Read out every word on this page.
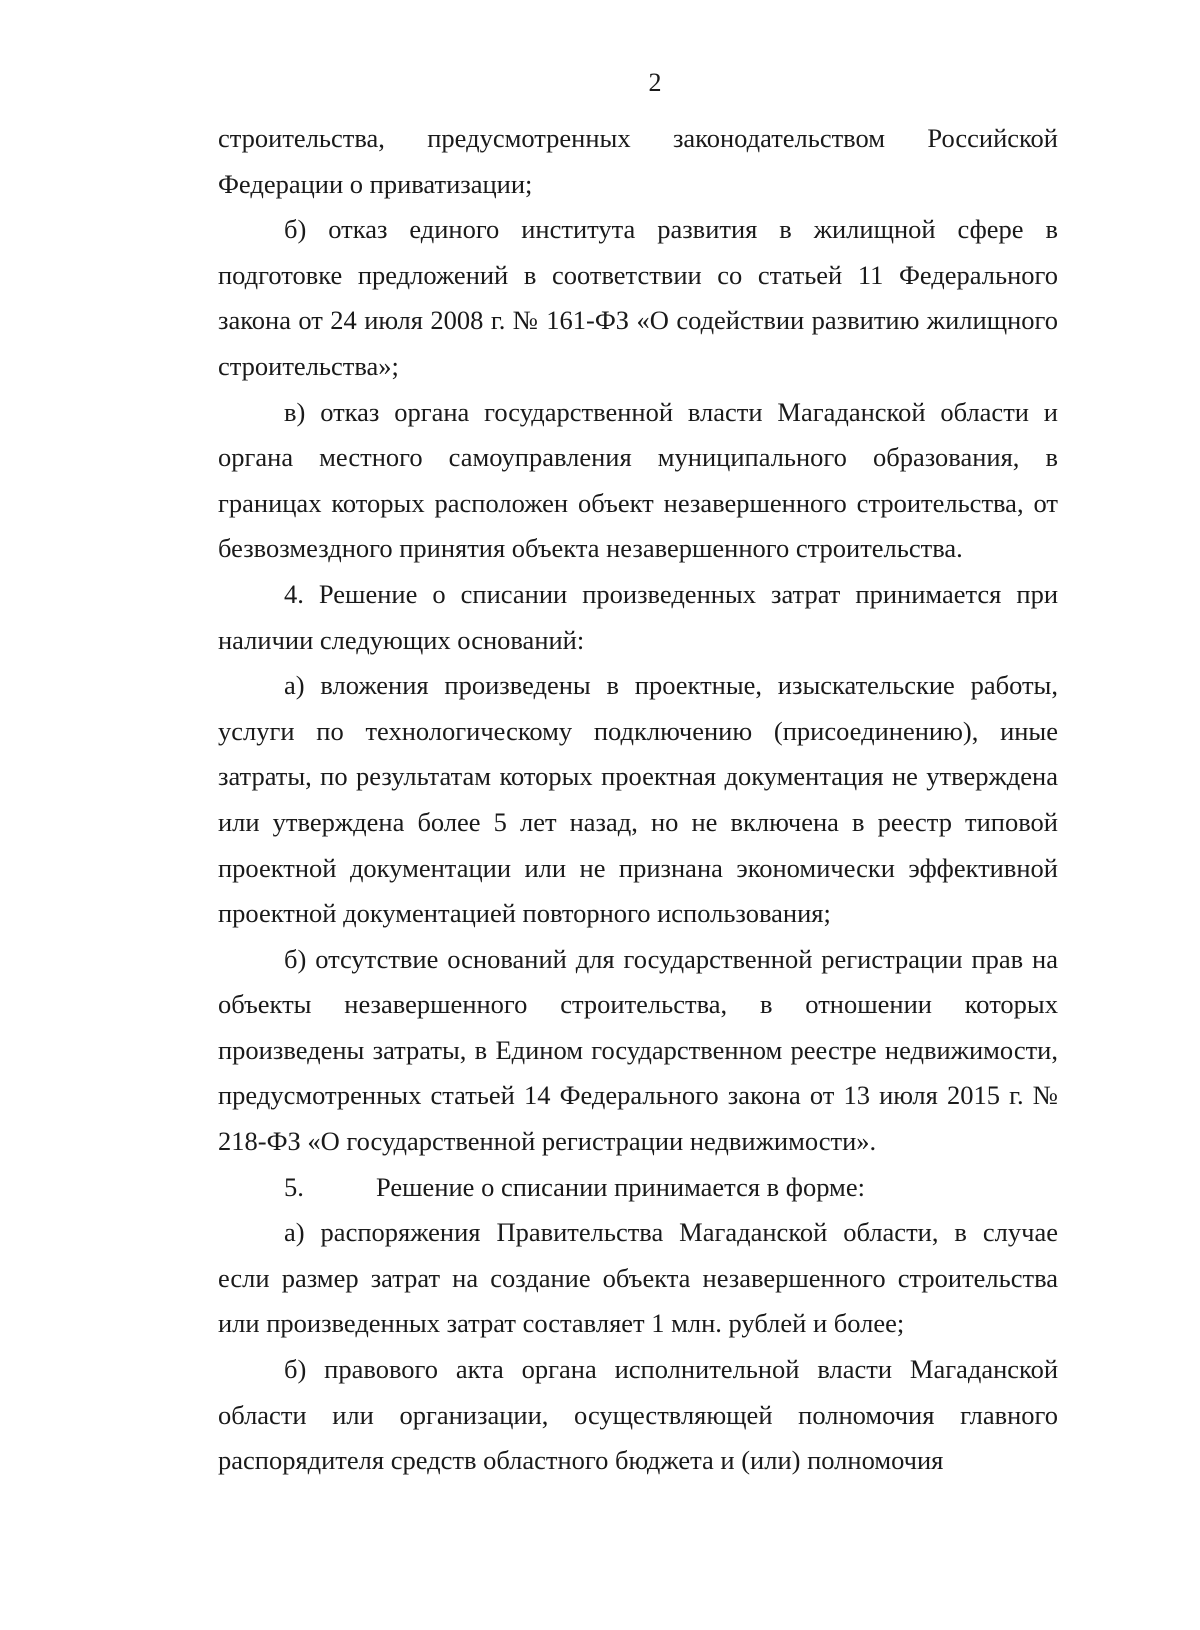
2

строительства, предусмотренных законодательством Российской Федерации о приватизации;

б) отказ единого института развития в жилищной сфере в подготовке предложений в соответствии со статьей 11 Федерального закона от 24 июля 2008 г. № 161-ФЗ «О содействии развитию жилищного строительства»;

в) отказ органа государственной власти Магаданской области и органа местного самоуправления муниципального образования, в границах которых расположен объект незавершенного строительства, от безвозмездного принятия объекта незавершенного строительства.

4. Решение о списании произведенных затрат принимается при наличии следующих оснований:

а) вложения произведены в проектные, изыскательские работы, услуги по технологическому подключению (присоединению), иные затраты, по результатам которых проектная документация не утверждена или утверждена более 5 лет назад, но не включена в реестр типовой проектной документации или не признана экономически эффективной проектной документацией повторного использования;

б) отсутствие оснований для государственной регистрации прав на объекты незавершенного строительства, в отношении которых произведены затраты, в Едином государственном реестре недвижимости, предусмотренных статьей 14 Федерального закона от 13 июля 2015 г. № 218-ФЗ «О государственной регистрации недвижимости».

5.	Решение о списании принимается в форме:

а) распоряжения Правительства Магаданской области, в случае если размер затрат на создание объекта незавершенного строительства или произведенных затрат составляет 1 млн. рублей и более;

б) правового акта органа исполнительной власти Магаданской области или организации, осуществляющей полномочия главного распорядителя средств областного бюджета и (или) полномочия
